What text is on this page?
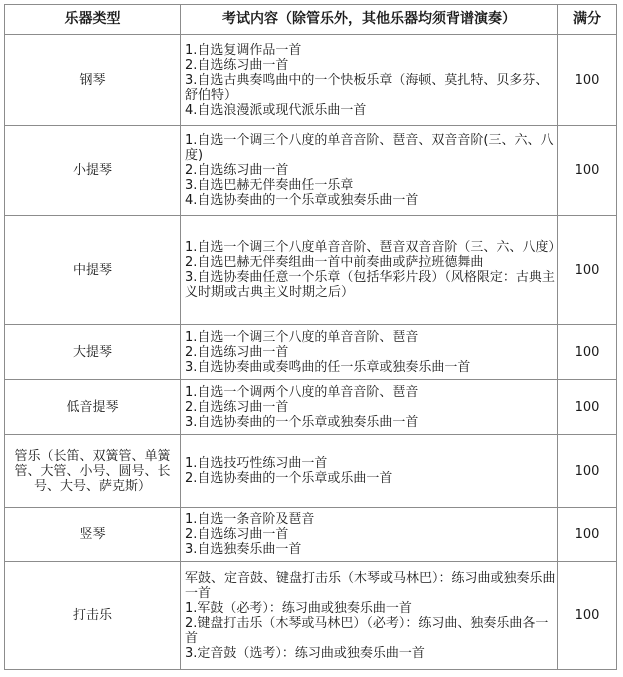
乐器类型	考试内容（除管乐外，其他乐器均须背谱演奏）	满分
钢琴	1.自选复调作品一首
2.自选练习曲一首
3.自选古典奏鸣曲中的一个快板乐章（海顿、莫扎特、贝多芬、舒伯特）
4.自选浪漫派或现代派乐曲一首	100
小提琴	1.自选一个调三个八度的单音音阶、琶音、双音音阶(三、六、八度)
2.自选练习曲一首
3.自选巴赫无伴奏曲任一乐章
4.自选协奏曲的一个乐章或独奏乐曲一首	100
中提琴	1.自选一个调三个八度单音音阶、琶音双音音阶（三、六、八度）
2.自选巴赫无伴奏组曲一首中前奏曲或萨拉班德舞曲
3.自选协奏曲任意一个乐章（包括华彩片段）（风格限定：古典主义时期或古典主义时期之后）	100
大提琴	1.自选一个调三个八度的单音音阶、琶音
2.自选练习曲一首
3.自选协奏曲或奏鸣曲的任一乐章或独奏乐曲一首	100
低音提琴	1.自选一个调两个八度的单音音阶、琶音
2.自选练习曲一首
3.自选协奏曲的一个乐章或独奏乐曲一首	100
管乐（长笛、双簧管、单簧管、大管、小号、圆号、长号、大号、萨克斯）	1.自选技巧性练习曲一首
2.自选协奏曲的一个乐章或乐曲一首	100
竖琴	1.自选一条音阶及琶音
2.自选练习曲一首
3.自选独奏乐曲一首	100
打击乐	军鼓、定音鼓、键盘打击乐（木琴或马林巴）：练习曲或独奏乐曲一首
1.军鼓（必考）：练习曲或独奏乐曲一首
2.键盘打击乐（木琴或马林巴）（必考）：练习曲、独奏乐曲各一首
3.定音鼓（选考）：练习曲或独奏乐曲一首	100
